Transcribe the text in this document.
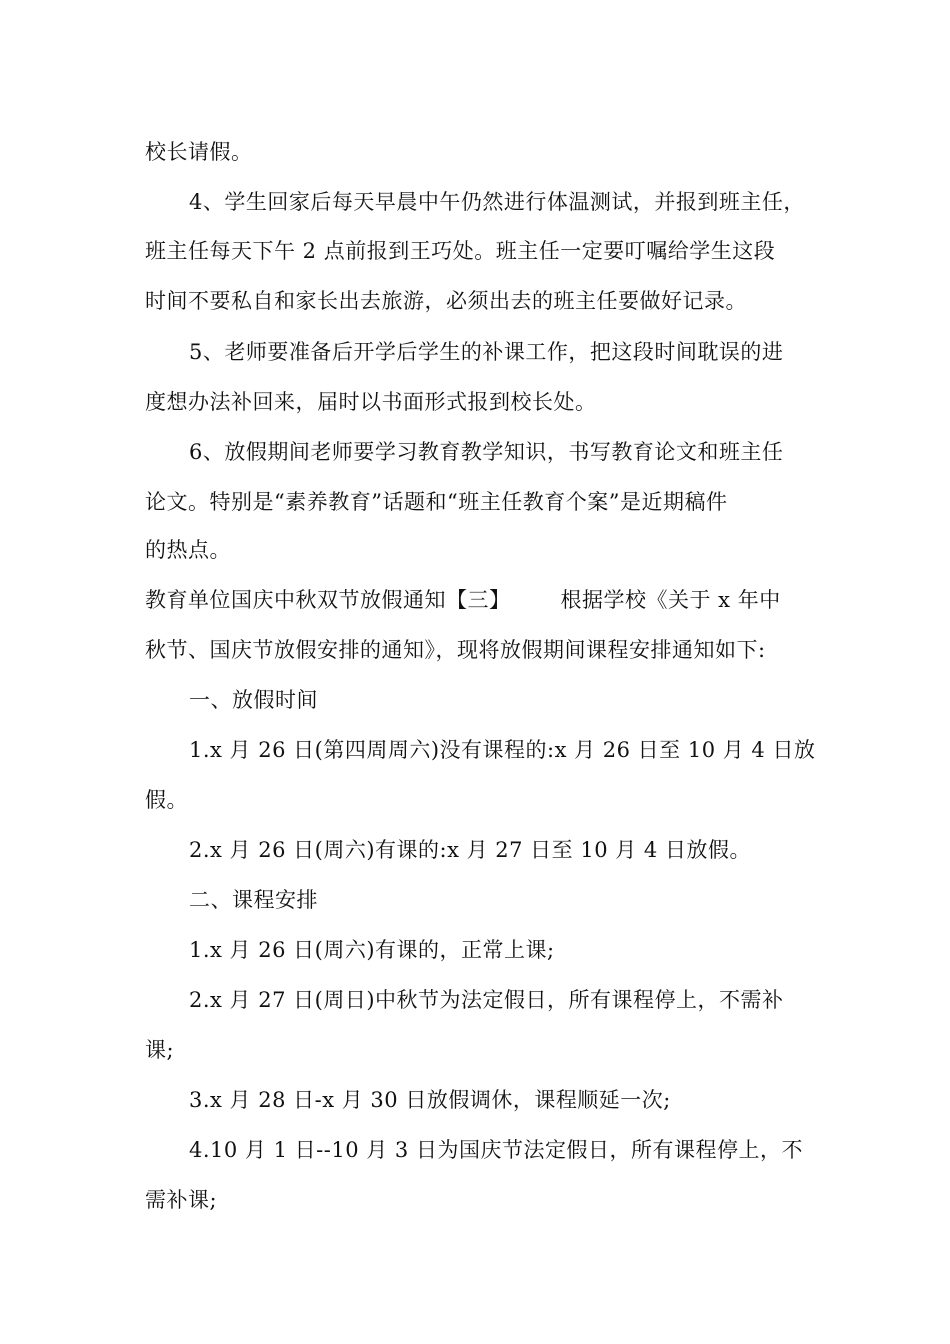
校长请假。
4、学生回家后每天早晨中午仍然进行体温测试，并报到班主任，
班主任每天下午 2 点前报到王巧处。班主任一定要叮嘱给学生这段
时间不要私自和家长出去旅游，必须出去的班主任要做好记录。
5、老师要准备后开学后学生的补课工作，把这段时间耽误的进
度想办法补回来，届时以书面形式报到校长处。
6、放假期间老师要学习教育教学知识，书写教育论文和班主任
论文。特别是“素养教育”话题和“班主任教育个案”是近期稿件
的热点。
教育单位国庆中秋双节放假通知【三】 根据学校《关于 x 年中
秋节、国庆节放假安排的通知》，现将放假期间课程安排通知如下:
一、放假时间
1.x 月 26 日(第四周周六)没有课程的:x 月 26 日至 10 月 4 日放
假。
2.x 月 26 日(周六)有课的:x 月 27 日至 10 月 4 日放假。
二、课程安排
1.x 月 26 日(周六)有课的，正常上课;
2.x 月 27 日(周日)中秋节为法定假日，所有课程停上，不需补
课;
3.x 月 28 日-x 月 30 日放假调休，课程顺延一次;
4.10 月 1 日--10 月 3 日为国庆节法定假日，所有课程停上，不
需补课;
